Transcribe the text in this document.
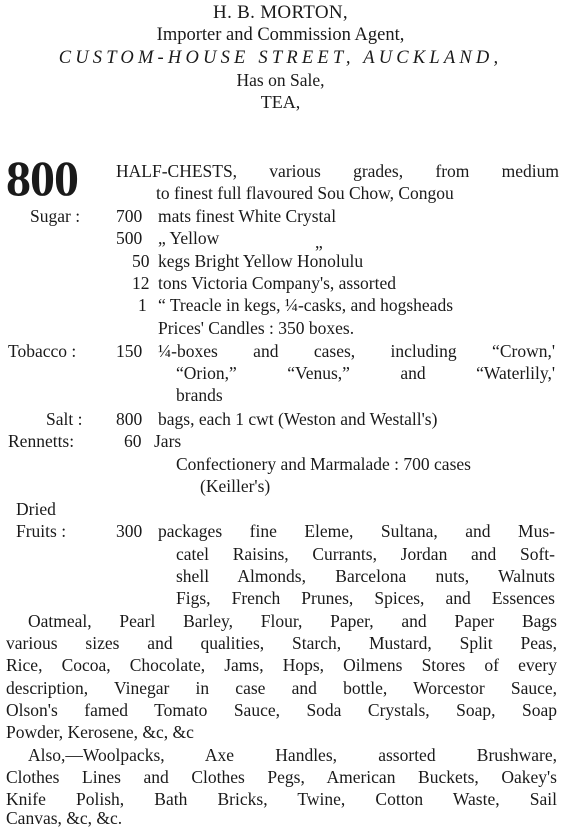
H. B. MORTON,
Importer and Commission Agent,
CUSTOM-HOUSE STREET, AUCKLAND,
Has on Sale,
TEA,
800 HALF-CHESTS, various grades, from medium
to finest full flavoured Sou Chow, Congou
Sugar : 700 mats finest White Crystal
500 „ Yellow	„
50 kegs Bright Yellow Honolulu
12 tons Victoria Company's, assorted
1 “ Treacle in kegs, ¼-casks, and hogsheads
Prices' Candles : 350 boxes.
Tobacco : 150 ¼-boxes and cases, including “Crown,'
“Orion,” “Venus,” and “Waterlily,'
brands
Salt : 800 bags, each 1 cwt (Weston and Westall's)
Rennetts:	60 Jars
Confectionery and Marmalade : 700 cases
(Keiller's)
Dried
Fruits :	300 packages fine Eleme, Sultana, and Mus-
catel Raisins, Currants, Jordan and Soft-
shell Almonds, Barcelona nuts, Walnuts
Figs, French Prunes, Spices, and Essences
Oatmeal, Pearl Barley, Flour, Paper, and Paper Bags
various sizes and qualities, Starch, Mustard, Split Peas,
Rice, Cocoa, Chocolate, Jams, Hops, Oilmens Stores of every
description, Vinegar in case and bottle, Worcestor Sauce,
Olson's famed Tomato Sauce, Soda Crystals, Soap, Soap
Powder, Kerosene, &c, &c
Also,—Woolpacks, Axe Handles, assorted Brushware,
Clothes Lines and Clothes Pegs, American Buckets, Oakey's
Knife Polish, Bath Bricks, Twine, Cotton Waste, Sail
Canvas, &c, &c.
